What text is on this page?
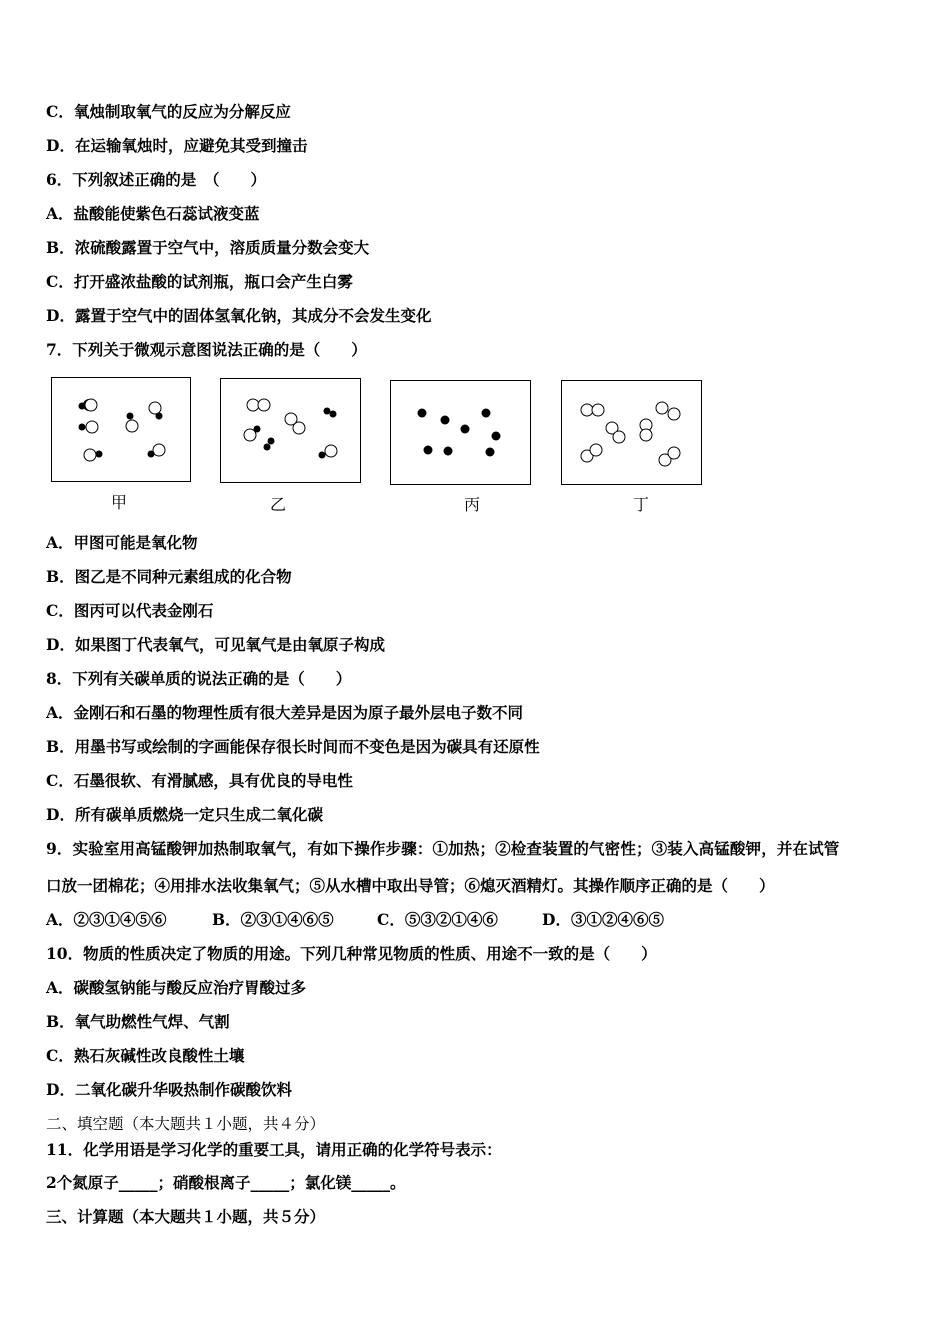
C．氧烛制取氧气的反应为分解反应
D．在运输氧烛时，应避免其受到撞击
6．下列叙述正确的是　（　　）
A．盐酸能使紫色石蕊试液变蓝
B．浓硫酸露置于空气中，溶质质量分数会变大
C．打开盛浓盐酸的试剂瓶，瓶口会产生白雾
D．露置于空气中的固体氢氧化钠，其成分不会发生变化
7．下列关于微观示意图说法正确的是（　　）
甲	乙	丙	丁
A．甲图可能是氧化物
B．图乙是不同种元素组成的化合物
C．图丙可以代表金刚石
D．如果图丁代表氧气，可见氧气是由氧原子构成
8．下列有关碳单质的说法正确的是（　　）
A．金刚石和石墨的物理性质有很大差异是因为原子最外层电子数不同
B．用墨书写或绘制的字画能保存很长时间而不变色是因为碳具有还原性
C．石墨很软、有滑腻感，具有优良的导电性
D．所有碳单质燃烧一定只生成二氧化碳
9．实验室用高锰酸钾加热制取氧气，有如下操作步骤：①加热；②检查装置的气密性；③装入高锰酸钾，并在试管
口放一团棉花；④用排水法收集氧气；⑤从水槽中取出导管；⑥熄灭酒精灯。其操作顺序正确的是（　　）
A．②③①④⑤⑥	B．②③①④⑥⑤	C．⑤③②①④⑥	D．③①②④⑥⑤
10．物质的性质决定了物质的用途。下列几种常见物质的性质、用途不一致的是（　　）
A．碳酸氢钠能与酸反应治疗胃酸过多
B．氧气助燃性气焊、气割
C．熟石灰碱性改良酸性土壤
D．二氧化碳升华吸热制作碳酸饮料
二、填空题（本大题共１小题，共４分）
11．化学用语是学习化学的重要工具，请用正确的化学符号表示：
2个氮原子_____；硝酸根离子_____；氯化镁_____。
三、计算题（本大题共１小题，共５分）
